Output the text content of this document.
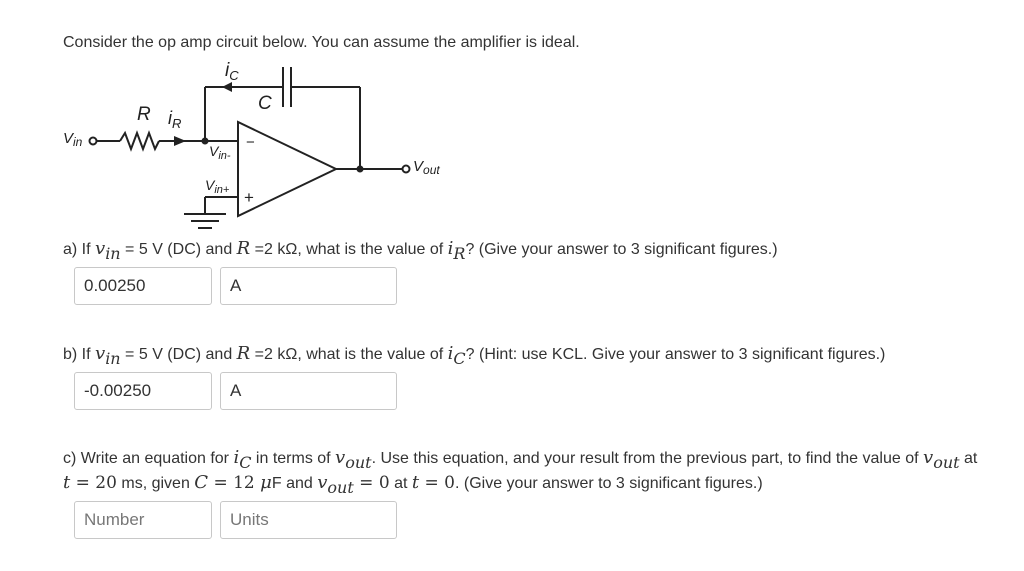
Consider the op amp circuit below. You can assume the amplifier is ideal.
$i_C$
C
R $i_R$
$V_{in}$
$V_{in-}$
$V_{in+}$
−
+
$V_{out}$
a) If vin = 5 V (DC) and R =2 kΩ, what is the value of iR? (Give your answer to 3 significant figures.)
0.00250
A
b) If vin = 5 V (DC) and R =2 kΩ, what is the value of iC? (Hint: use KCL. Give your answer to 3 significant figures.)
-0.00250
A
c) Write an equation for iC in terms of vout. Use this equation, and your result from the previous part, to find the value of vout at
t = 20 ms, given C = 12 μF and vout = 0 at t = 0. (Give your answer to 3 significant figures.)
Number
Units
